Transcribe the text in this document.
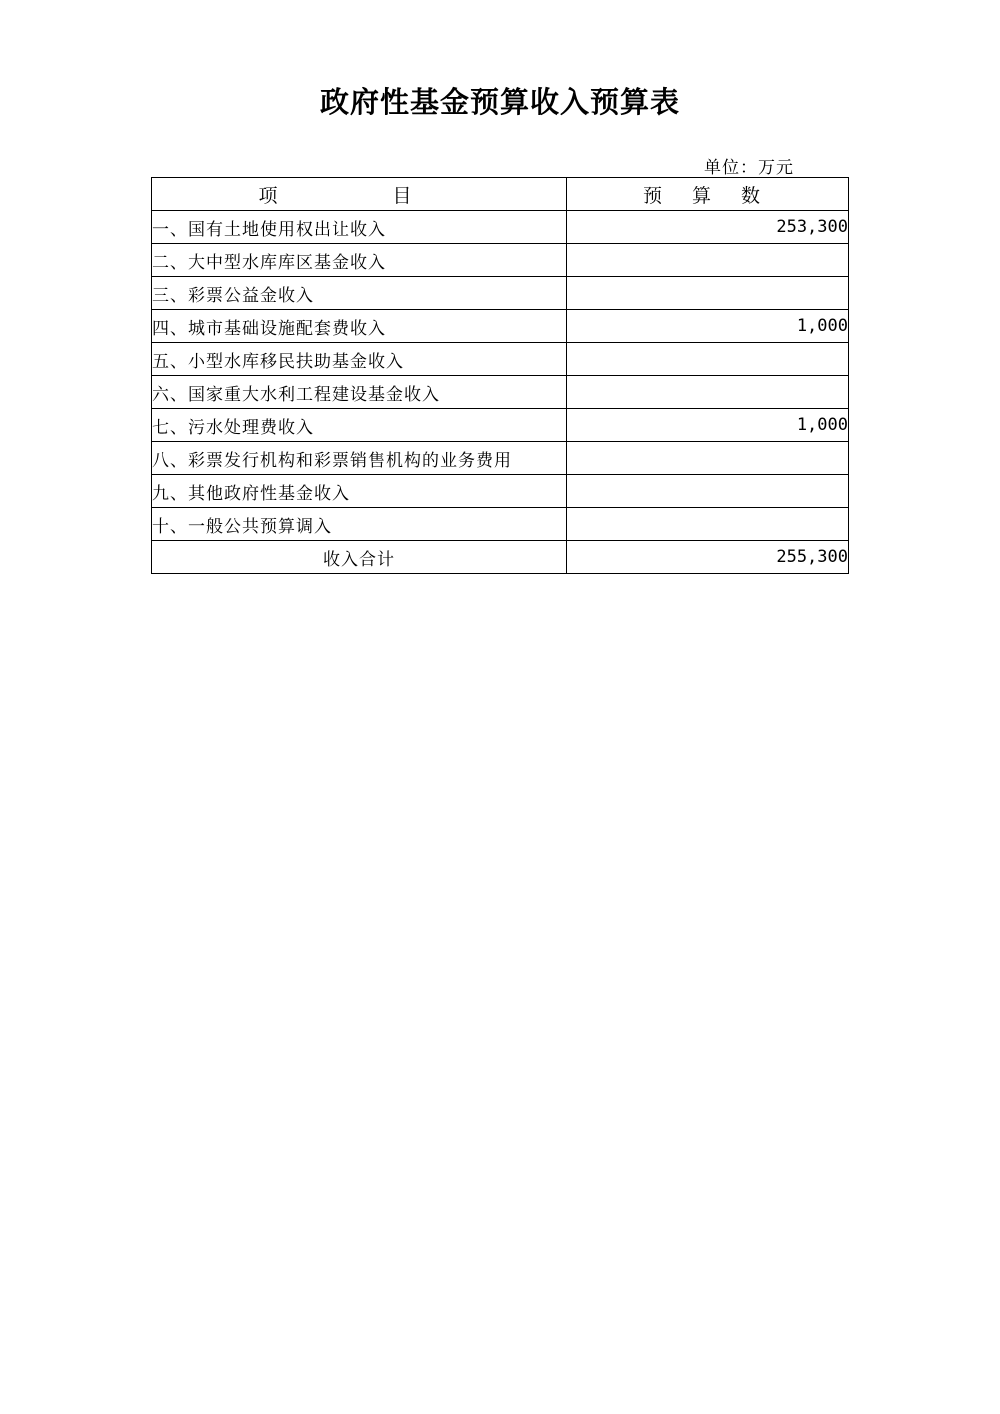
政府性基金预算收入预算表
单位：万元
项　目	预 算 数
一、国有土地使用权出让收入	253,300
二、大中型水库库区基金收入	
三、彩票公益金收入	
四、城市基础设施配套费收入	1,000
五、小型水库移民扶助基金收入	
六、国家重大水利工程建设基金收入	
七、污水处理费收入	1,000
八、彩票发行机构和彩票销售机构的业务费用	
九、其他政府性基金收入	
十、一般公共预算调入	
收入合计	255,300
